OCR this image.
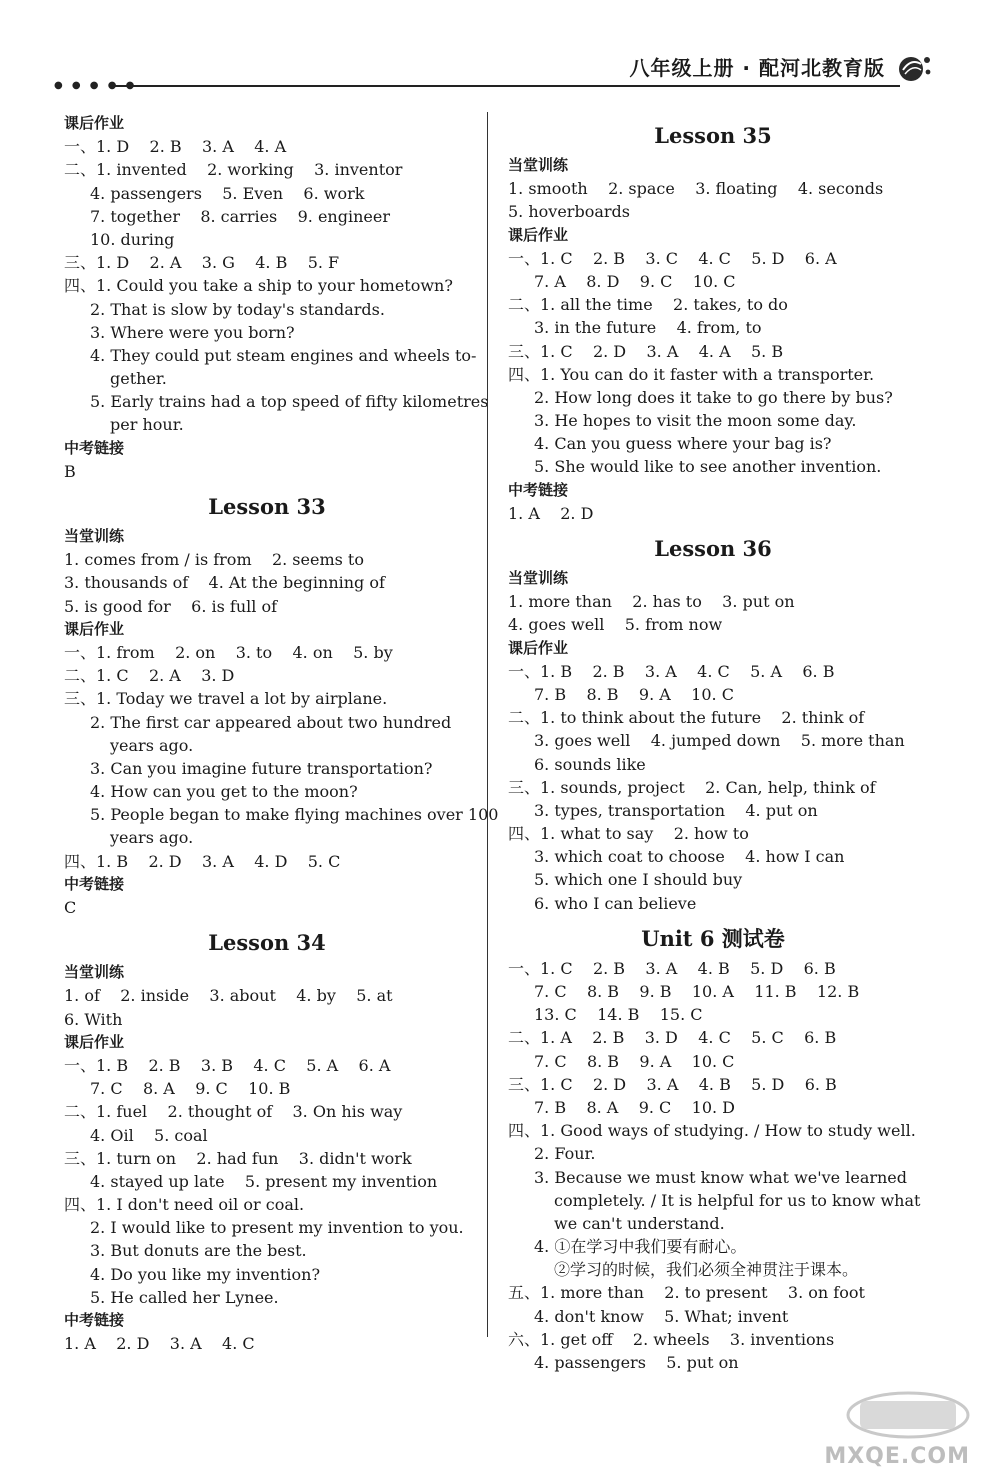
● ● ● ● ●
八年级上册 · 配河北教育版
课后作业
一、1. D    2. B    3. A    4. A
二、1. invented    2. working    3. inventor
4. passengers    5. Even    6. work
7. together    8. carries    9. engineer
10. during
三、1. D    2. A    3. G    4. B    5. F
四、1. Could you take a ship to your hometown?
2. That is slow by today's standards.
3. Where were you born?
4. They could put steam engines and wheels to-
gether.
5. Early trains had a top speed of fifty kilometres
per hour.
中考链接
B
Lesson 33
当堂训练
1. comes from / is from    2. seems to
3. thousands of    4. At the beginning of
5. is good for    6. is full of
课后作业
一、1. from    2. on    3. to    4. on    5. by
二、1. C    2. A    3. D
三、1. Today we travel a lot by airplane.
2. The first car appeared about two hundred
years ago.
3. Can you imagine future transportation?
4. How can you get to the moon?
5. People began to make flying machines over 100
years ago.
四、1. B    2. D    3. A    4. D    5. C
中考链接
C
Lesson 34
当堂训练
1. of    2. inside    3. about    4. by    5. at
6. With
课后作业
一、1. B    2. B    3. B    4. C    5. A    6. A
7. C    8. A    9. C    10. B
二、1. fuel    2. thought of    3. On his way
4. Oil    5. coal
三、1. turn on    2. had fun    3. didn't work
4. stayed up late    5. present my invention
四、1. I don't need oil or coal.
2. I would like to present my invention to you.
3. But donuts are the best.
4. Do you like my invention?
5. He called her Lynee.
中考链接
1. A    2. D    3. A    4. C
Lesson 35
当堂训练
1. smooth    2. space    3. floating    4. seconds
5. hoverboards
课后作业
一、1. C    2. B    3. C    4. C    5. D    6. A
7. A    8. D    9. C    10. C
二、1. all the time    2. takes, to do
3. in the future    4. from, to
三、1. C    2. D    3. A    4. A    5. B
四、1. You can do it faster with a transporter.
2. How long does it take to go there by bus?
3. He hopes to visit the moon some day.
4. Can you guess where your bag is?
5. She would like to see another invention.
中考链接
1. A    2. D
Lesson 36
当堂训练
1. more than    2. has to    3. put on
4. goes well    5. from now
课后作业
一、1. B    2. B    3. A    4. C    5. A    6. B
7. B    8. B    9. A    10. C
二、1. to think about the future    2. think of
3. goes well    4. jumped down    5. more than
6. sounds like
三、1. sounds, project    2. Can, help, think of
3. types, transportation    4. put on
四、1. what to say    2. how to
3. which coat to choose    4. how I can
5. which one I should buy
6. who I can believe
Unit 6 测试卷
一、1. C    2. B    3. A    4. B    5. D    6. B
7. C    8. B    9. B    10. A    11. B    12. B
13. C    14. B    15. C
二、1. A    2. B    3. D    4. C    5. C    6. B
7. C    8. B    9. A    10. C
三、1. C    2. D    3. A    4. B    5. D    6. B
7. B    8. A    9. C    10. D
四、1. Good ways of studying. / How to study well.
2. Four.
3. Because we must know what we've learned
completely. / It is helpful for us to know what
we can't understand.
4. ①在学习中我们要有耐心。
②学习的时候，我们必须全神贯注于课本。
五、1. more than    2. to present    3. on foot
4. don't know    5. What; invent
六、1. get off    2. wheels    3. inventions
4. passengers    5. put on
MXQE.COM
